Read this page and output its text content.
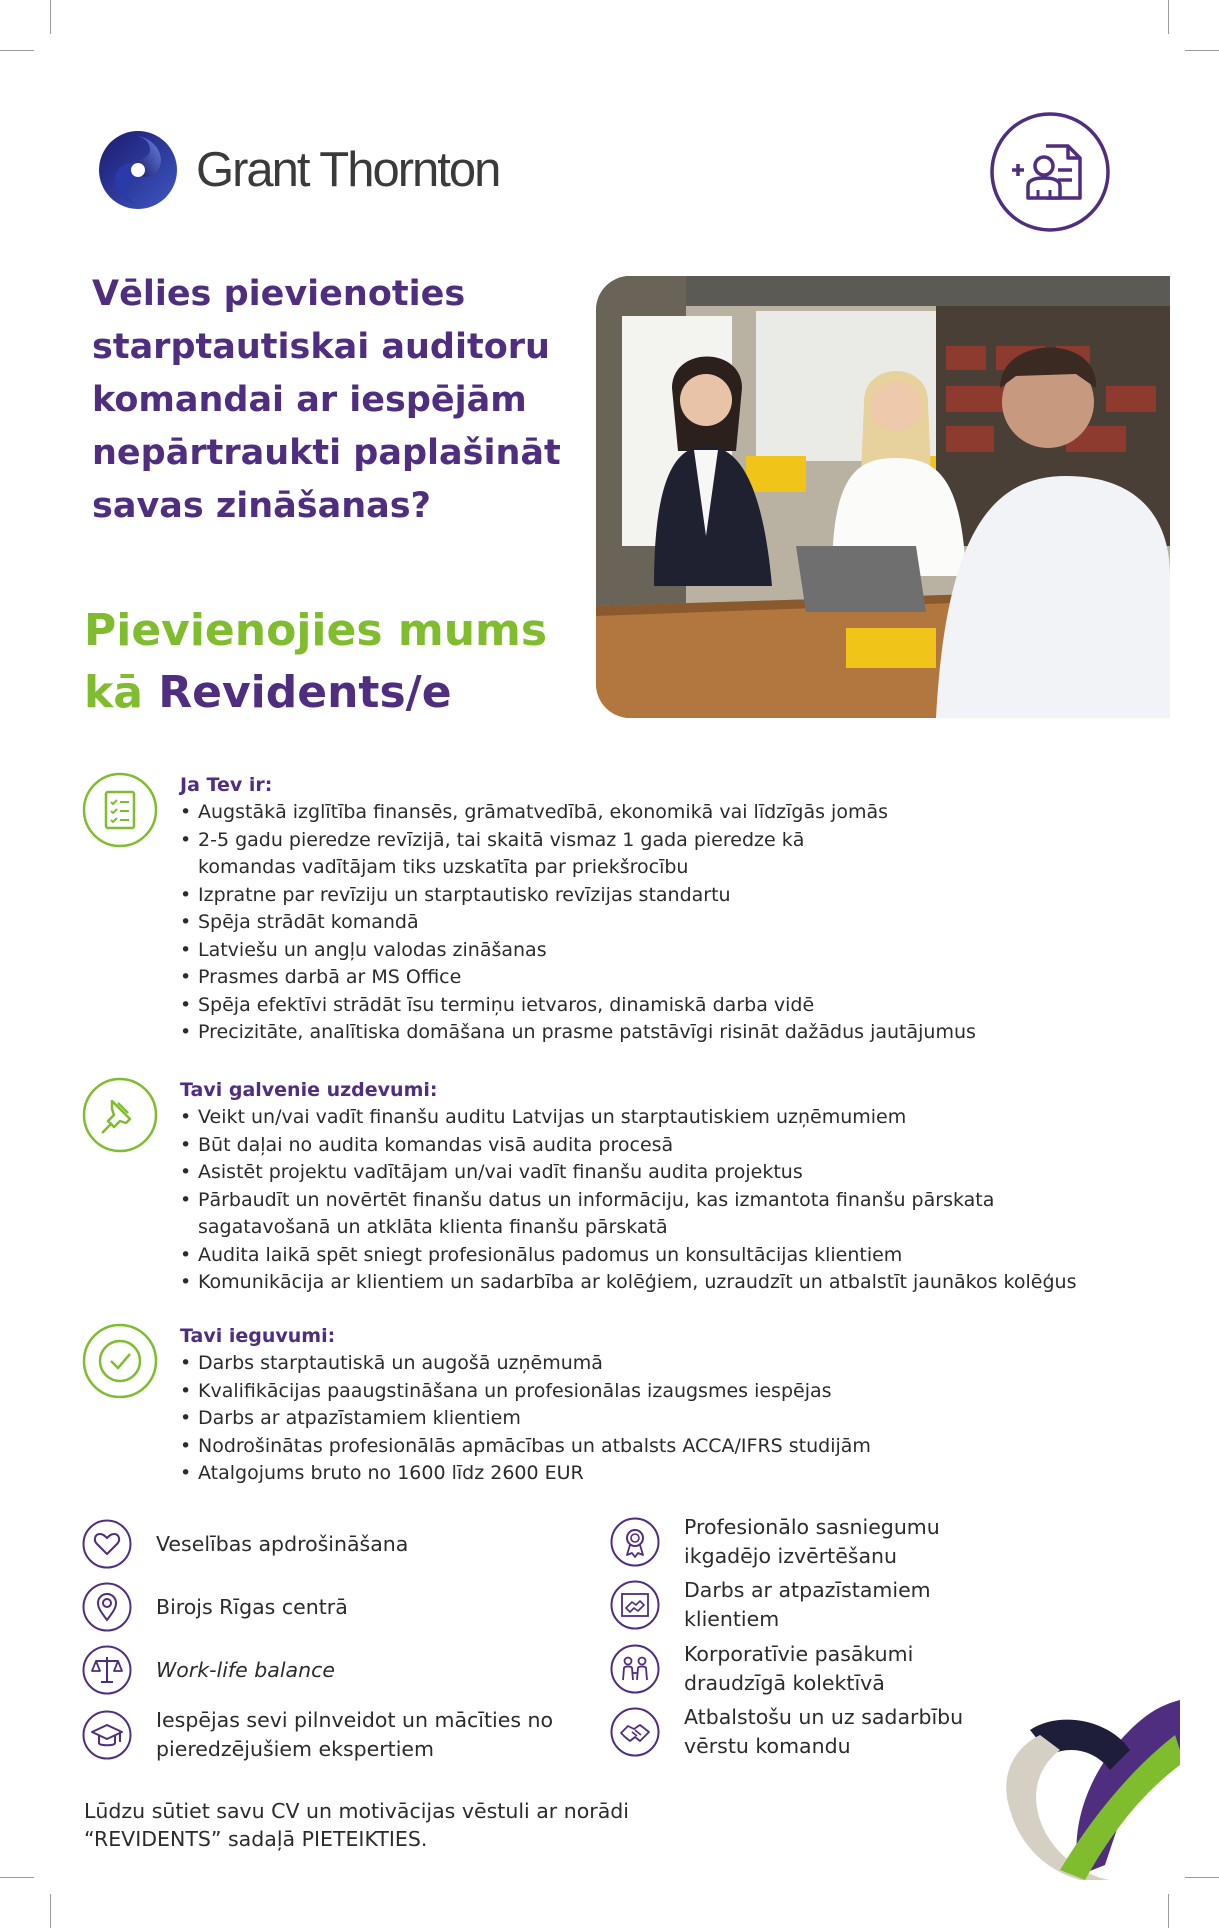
Grant Thornton
Vēlies pievienoties starptautiskai auditoru komandai ar iespējām nepārtraukti paplašināt savas zināšanas?
Pievienojies mums
kā Revidents/e

Ja Tev ir:

• Augstākā izglītība finansēs, grāmatvedībā, ekonomikā vai līdzīgās jomās
• 2-5 gadu pieredze revīzijā, tai skaitā vismaz 1 gada pieredze kā
komandas vadītājam tiks uzskatīta par priekšrocību
• Izpratne par revīziju un starptautisko revīzijas standartu
• Spēja strādāt komandā
• Latviešu un angļu valodas zināšanas
• Prasmes darbā ar MS Office
• Spēja efektīvi strādāt īsu termiņu ietvaros, dinamiskā darba vidē
• Precizitāte, analītiska domāšana un prasme patstāvīgi risināt dažādus jautājumus

Tavi galvenie uzdevumi:

• Veikt un/vai vadīt finanšu auditu Latvijas un starptautiskiem uzņēmumiem
• Būt daļai no audita komandas visā audita procesā
• Asistēt projektu vadītājam un/vai vadīt finanšu audita projektus
• Pārbaudīt un novērtēt finanšu datus un informāciju, kas izmantota finanšu pārskata
sagatavošanā un atklāta klienta finanšu pārskatā
• Audita laikā spēt sniegt profesionālus padomus un konsultācijas klientiem
• Komunikācija ar klientiem un sadarbība ar kolēģiem, uzraudzīt un atbalstīt jaunākos kolēģus

Tavi ieguvumi:

• Darbs starptautiskā un augošā uzņēmumā
• Kvalifikācijas paaugstināšana un profesionālas izaugsmes iespējas
• Darbs ar atpazīstamiem klientiem
• Nodrošinātas profesionālās apmācības un atbalsts ACCA/IFRS studijām
• Atalgojums bruto no 1600 līdz 2600 EUR
Veselības apdrošināšana
Birojs Rīgas centrā
Work-life balance
Iespējas sevi pilnveidot un mācīties no
pieredzējušiem ekspertiem
Profesionālo sasniegumu
ikgadējo izvērtēšanu
Darbs ar atpazīstamiem
klientiem
Korporatīvie pasākumi
draudzīgā kolektīvā
Atbalstošu un uz sadarbību
vērstu komandu

Lūdzu sūtiet savu CV un motivācijas vēstuli ar norādi
“REVIDENTS” sadaļā PIETEIKTIES.
